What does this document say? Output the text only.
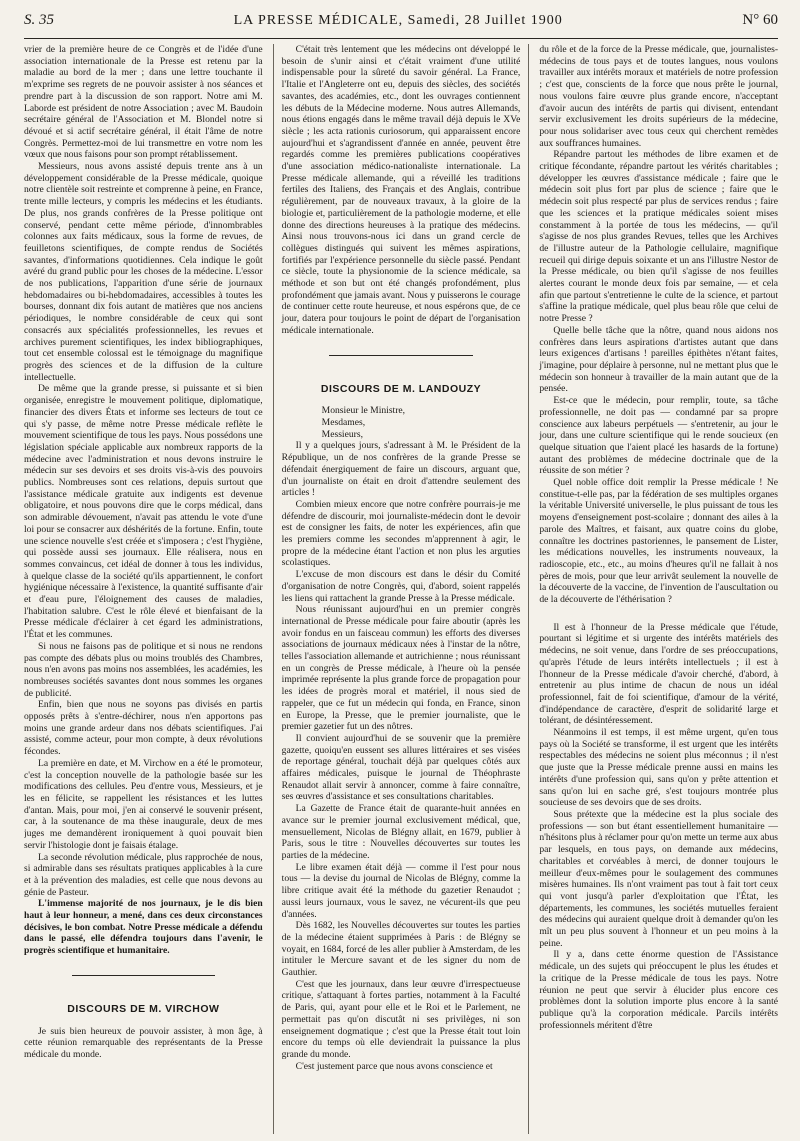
S. 35	LA PRESSE MÉDICALE, Samedi, 28 Juillet 1900	N° 60

vrier de la première heure de ce Congrès et de l'idée d'une association internationale de la Presse est retenu par la maladie au bord de la mer ; dans une lettre touchante il m'exprime ses regrets de ne pouvoir assister à nos séances et prendre part à la discussion de son rapport. Notre ami M. Laborde est président de notre Association ; avec M. Baudoin secrétaire général de l'Association et M. Blondel notre si dévoué et si actif secrétaire général, il était l'âme de notre Congrès. Permettez-moi de lui transmettre en votre nom les vœux que nous faisons pour son prompt rétablissement.

Messieurs, nous avons assisté depuis trente ans à un développement considérable de la Presse médicale, quoique notre clientèle soit restreinte et comprenne à peine, en France, trente mille lecteurs, y compris les médecins et les étudiants. De plus, nos grands confrères de la Presse politique ont conservé, pendant cette même période, d'innombrables colonnes aux faits médicaux, sous la forme de revues, de feuilletons scientifiques, de compte rendus de Sociétés savantes, d'informations quotidiennes. Cela indique le goût avéré du grand public pour les choses de la médecine. L'essor de nos publications, l'apparition d'une série de journaux hebdomadaires ou bi-hebdomadaires, accessibles à toutes les bourses, donnant dix fois autant de matières que nos anciens périodiques, le nombre considérable de ceux qui sont consacrés aux spécialités professionnelles, les revues et archives purement scientifiques, les index bibliographiques, tout cet ensemble colossal est le témoignage du magnifique progrès des sciences et de la diffusion de la culture intellectuelle.

De même que la grande presse, si puissante et si bien organisée, enregistre le mouvement politique, diplomatique, financier des divers États et informe ses lecteurs de tout ce qui s'y passe, de même notre Presse médicale reflète le mouvement scientifique de tous les pays. Nous possédons une législation spéciale applicable aux nombreux rapports de la médecine avec l'administration et nous devons instruire le médecin sur ses devoirs et ses droits vis-à-vis des pouvoirs publics. Nombreuses sont ces relations, depuis surtout que l'assistance médicale gratuite aux indigents est devenue obligatoire, et nous pouvons dire que le corps médical, dans son admirable dévouement, n'avait pas attendu le vote d'une loi pour se consacrer aux déshérités de la fortune. Enfin, toute une science nouvelle s'est créée et s'imposera ; c'est l'hygiène, qui possède aussi ses journaux. Elle réalisera, nous en sommes convaincus, cet idéal de donner à tous les individus, à quelque classe de la société qu'ils appartiennent, le confort hygiénique nécessaire à l'existence, la quantité suffisante d'air et d'eau pure, l'éloignement des causes de maladies, l'habitation salubre. C'est le rôle élevé et bienfaisant de la Presse médicale d'éclairer à cet égard les administrations, l'État et les communes.

Si nous ne faisons pas de politique et si nous ne rendons pas compte des débats plus ou moins troublés des Chambres, nous n'en avons pas moins nos assemblées, les académies, les nombreuses sociétés savantes dont nous sommes les organes de publicité.

Enfin, bien que nous ne soyons pas divisés en partis opposés prêts à s'entre-déchirer, nous n'en apportons pas moins une grande ardeur dans nos débats scientifiques. J'ai assisté, comme acteur, pour mon compte, à deux révolutions fécondes.

La première en date, et M. Virchow en a été le promoteur, c'est la conception nouvelle de la pathologie basée sur les modifications des cellules. Peu d'entre vous, Messieurs, et je les en félicite, se rappellent les résistances et les luttes d'antan. Mais, pour moi, j'en ai conservé le souvenir présent, car, à la soutenance de ma thèse inaugurale, deux de mes juges me demandèrent ironiquement à quoi pouvait bien servir l'histologie dont je faisais étalage.

La seconde révolution médicale, plus rapprochée de nous, si admirable dans ses résultats pratiques applicables à la cure et à la prévention des maladies, est celle que nous devons au génie de Pasteur.

L'immense majorité de nos journaux, je le dis bien haut à leur honneur, a mené, dans ces deux circonstances décisives, le bon combat. Notre Presse médicale a défendu dans le passé, elle défendra toujours dans l'avenir, le progrès scientifique et humanitaire.

DISCOURS DE M. VIRCHOW

Je suis bien heureux de pouvoir assister, à mon âge, à cette réunion remarquable des représentants de la Presse médicale du monde.

C'était très lentement que les médecins ont développé le besoin de s'unir ainsi et c'était vraiment d'une utilité indispensable pour la sûreté du savoir général. La France, l'Italie et l'Angleterre ont eu, depuis des siècles, des sociétés savantes, des académies, etc., dont les ouvrages contiennent les débuts de la Médecine moderne. Nous autres Allemands, nous étions engagés dans le même travail déjà depuis le XVe siècle ; les acta rationis curiosorum, qui apparaissent encore aujourd'hui et s'agrandissent d'année en année, peuvent être regardés comme les premières publications coopératives d'une association médico-nationaliste internationale. La Presse médicale allemande, qui a réveillé les traditions fertiles des Italiens, des Français et des Anglais, contribue régulièrement, par de nouveaux travaux, à la gloire de la biologie et, particulièrement de la pathologie moderne, et elle donne des directions heureuses à la pratique des médecins. Ainsi nous trouvons-nous ici dans un grand cercle de collègues distingués qui suivent les mêmes aspirations, fortifiés par l'expérience personnelle du siècle passé. Pendant ce siècle, toute la physionomie de la science médicale, sa méthode et son but ont été changés profondément, plus profondément que jamais avant. Nous y puisserons le courage de continuer cette route heureuse, et nous espérons que, de ce jour, datera pour toujours le point de départ de l'organisation médicale internationale.

DISCOURS DE M. LANDOUZY

Monsieur le Ministre,

Mesdames,

Messieurs,

Il y a quelques jours, s'adressant à M. le Président de la République, un de nos confrères de la grande Presse se défendait énergiquement de faire un discours, arguant que, d'un journaliste on était en droit d'attendre seulement des articles !

Combien mieux encore que notre confrère pourrais-je me défendre de discourir, moi journaliste-médecin dont le devoir est de consigner les faits, de noter les expériences, afin que les premiers comme les secondes m'apprennent à agir, le propre de la médecine étant l'action et non plus les arguties scolastiques.

L'excuse de mon discours est dans le désir du Comité d'organisation de notre Congrès, qui, d'abord, soient rappelés les liens qui rattachent la grande Presse à la Presse médicale.

Nous réunissant aujourd'hui en un premier congrès international de Presse médicale pour faire aboutir (après les avoir fondus en un faisceau commun) les efforts des diverses associations de journaux médicaux nées à l'instar de la nôtre, telles l'association allemande et autrichienne ; nous réunissant en un congrès de Presse médicale, à l'heure où la pensée imprimée représente la plus grande force de propagation pour les idées de progrès moral et matériel, il nous sied de rappeler, que ce fut un médecin qui fonda, en France, sinon en Europe, la Presse, que le premier journaliste, que le premier gazetier fut un des nôtres.

Il convient aujourd'hui de se souvenir que la première gazette, quoiqu'en eussent ses allures littéraires et ses visées de reportage général, touchait déjà par quelques côtés aux affaires médicales, puisque le journal de Théophraste Renaudot allait servir à annoncer, comme à faire connaître, ses œuvres d'assistance et ses consultations charitables.

La Gazette de France était de quarante-huit années en avance sur le premier journal exclusivement médical, que, mensuellement, Nicolas de Blégny allait, en 1679, publier à Paris, sous le titre : Nouvelles découvertes sur toutes les parties de la médecine.

Le libre examen était déjà — comme il l'est pour nous tous — la devise du journal de Nicolas de Blégny, comme la libre critique avait été la méthode du gazetier Renaudot ; aussi leurs journaux, vous le savez, ne vécurent-ils que peu d'années.

Dès 1682, les Nouvelles découvertes sur toutes les parties de la médecine étaient supprimées à Paris : de Blégny se voyait, en 1684, forcé de les aller publier à Amsterdam, de les intituler le Mercure savant et de les signer du nom de Gauthier.

C'est que les journaux, dans leur œuvre d'irrespectueuse critique, s'attaquant à fortes parties, notamment à la Faculté de Paris, qui, ayant pour elle et le Roi et le Parlement, ne permettait pas qu'on discutât ni ses privilèges, ni son enseignement dogmatique ; c'est que la Presse était tout loin encore du temps où elle deviendrait la puissance la plus grande du monde.

C'est justement parce que nous avons conscience et

du rôle et de la force de la Presse médicale, que, journalistes-médecins de tous pays et de toutes langues, nous voulons travailler aux intérêts moraux et matériels de notre profession ; c'est que, conscients de la force que nous prête le journal, nous voulons faire œuvre plus grande encore, n'acceptant d'avoir aucun des intérêts de partis qui divisent, entendant servir exclusivement les droits supérieurs de la médecine, pour nous solidariser avec tous ceux qui cherchent remèdes aux souffrances humaines.

Répandre partout les méthodes de libre examen et de critique fécondante, répandre partout les vérités charitables ; développer les œuvres d'assistance médicale ; faire que le médecin soit plus fort par plus de science ; faire que le médecin soit plus respecté par plus de services rendus ; faire que les sciences et la pratique médicales soient mises constamment à la portée de tous les médecins, — qu'il s'agisse de nos plus grandes Revues, telles que les Archives de l'illustre auteur de la Pathologie cellulaire, magnifique recueil qui dirige depuis soixante et un ans l'illustre Nestor de la Presse médicale, ou bien qu'il s'agisse de nos feuilles alertes courant le monde deux fois par semaine, — et cela afin que partout s'entretienne le culte de la science, et partout s'affine la pratique médicale, quel plus beau rôle que celui de notre Presse ?

Quelle belle tâche que la nôtre, quand nous aidons nos confrères dans leurs aspirations d'artistes autant que dans leurs exigences d'artisans ! pareilles épithètes n'étant faites, j'imagine, pour déplaire à personne, nul ne mettant plus que le médecin son honneur à travailler de la main autant que de la pensée.

Est-ce que le médecin, pour remplir, toute, sa tâche professionnelle, ne doit pas — condamné par sa propre conscience aux labeurs perpétuels — s'entretenir, au jour le jour, dans une culture scientifique qui le rende soucieux (en quelque situation que l'aient placé les hasards de la fortune) autant des problèmes de médecine doctrinale que de la réussite de son métier ?

Quel noble office doit remplir la Presse médicale ! Ne constitue-t-elle pas, par la fédération de ses multiples organes la véritable Université universelle, le plus puissant de tous les moyens d'enseignement post-scolaire ; donnant des ailes à la parole des Maîtres, et faisant, aux quatre coins du globe, connaître les doctrines pastoriennes, le pansement de Lister, les médications nouvelles, les instruments nouveaux, la radioscopie, etc., etc., au moins d'heures qu'il ne fallait à nos pères de mois, pour que leur arrivât seulement la nouvelle de la découverte de la vaccine, de l'invention de l'auscultation ou de la découverte de l'éthérisation ?

Il est à l'honneur de la Presse médicale que l'étude, pourtant si légitime et si urgente des intérêts matériels des médecins, ne soit venue, dans l'ordre de ses préoccupations, qu'après l'étude de leurs intérêts intellectuels ; il est à l'honneur de la Presse médicale d'avoir cherché, d'abord, à entretenir au plus intime de chacun de nous un idéal professionnel, fait de foi scientifique, d'amour de la vérité, d'indépendance de caractère, d'esprit de solidarité large et tolérant, de désintéressement.

Néanmoins il est temps, il est même urgent, qu'en tous pays où la Société se transforme, il est urgent que les intérêts respectables des médecins ne soient plus méconnus ; il n'est que juste que la Presse médicale prenne aussi en mains les intérêts d'une profession qui, sans qu'on y prête attention et sans qu'on lui en sache gré, s'est toujours montrée plus soucieuse de ses devoirs que de ses droits.

Sous prétexte que la médecine est la plus sociale des professions — son but étant essentiellement humanitaire — n'hésitons plus à réclamer pour qu'on mette un terme aux abus par lesquels, en tous pays, on demande aux médecins, charitables et corvéables à merci, de donner toujours le meilleur d'eux-mêmes pour le soulagement des communes misères humaines. Ils n'ont vraiment pas tout à fait tort ceux qui vont jusqu'à parler d'exploitation que l'État, les départements, les communes, les sociétés mutuelles feraient des médecins qui auraient quelque droit à demander qu'on les mît un peu plus souvent à l'honneur et un peu moins à la peine.

Il y a, dans cette énorme question de l'Assistance médicale, un des sujets qui préoccupent le plus les études et la critique de la Presse médicale de tous les pays. Notre réunion ne peut que servir à élucider plus encore ces problèmes dont la solution importe plus encore à la santé publique qu'à la corporation médicale. Parcils intérêts professionnels méritent d'être
